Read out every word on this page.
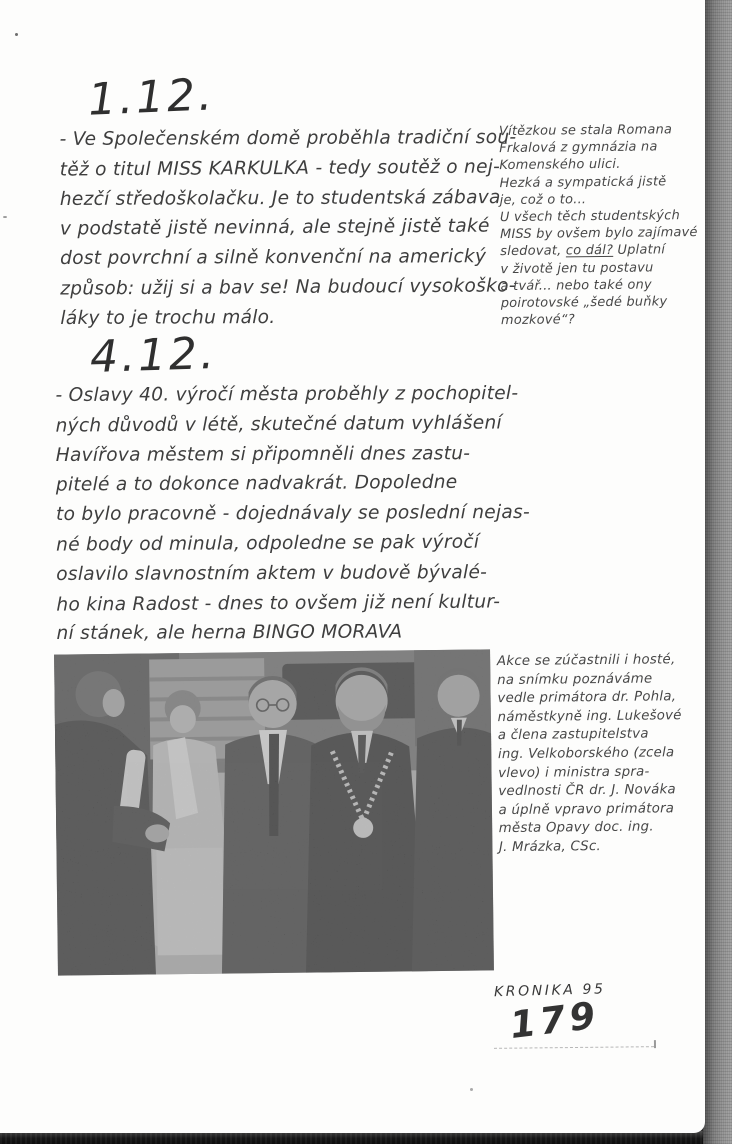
1.12.
- Ve Společenském domě proběhla tradiční sou-
těž o titul MISS KARKULKA - tedy soutěž o nej-
hezčí středoškolačku. Je to studentská zábava
v podstatě jistě nevinná, ale stejně jistě také
dost povrchní a silně konvenční na americký
způsob: užij si a bav se! Na budoucí vysokoško-
láky to je trochu málo.
Vítězkou se stala Romana
Frkalová z gymnázia na
Komenského ulici.
Hezká a sympatická jistě
je, což o to...
U všech těch studentských
MISS by ovšem bylo zajímavé
sledovat, co dál? Uplatní
v životě jen tu postavu
a tvář... nebo také ony
poirotovské „šedé buňky
mozkové“?
4.12.
- Oslavy 40. výročí města proběhly z pochopitel-
ných důvodů v létě, skutečné datum vyhlášení
Havířova městem si připomněli dnes zastu-
pitelé a to dokonce nadvakrát. Dopoledne
to bylo pracovně - dojednávaly se poslední nejas-
né body od minula, odpoledne se pak výročí
oslavilo slavnostním aktem v budově bývalé-
ho kina Radost - dnes to ovšem již není kultur-
ní stánek, ale herna BINGO MORAVA
Akce se zúčastnili i hosté,
na snímku poznáváme
vedle primátora dr. Pohla,
náměstkyně ing. Lukešové
a člena zastupitelstva
ing. Velkoborského (zcela
vlevo) i ministra spra-
vedlnosti ČR dr. J. Nováka
a úplně vpravo primátora
města Opavy doc. ing.
J. Mrázka, CSc.
KRONIKA 95
179
